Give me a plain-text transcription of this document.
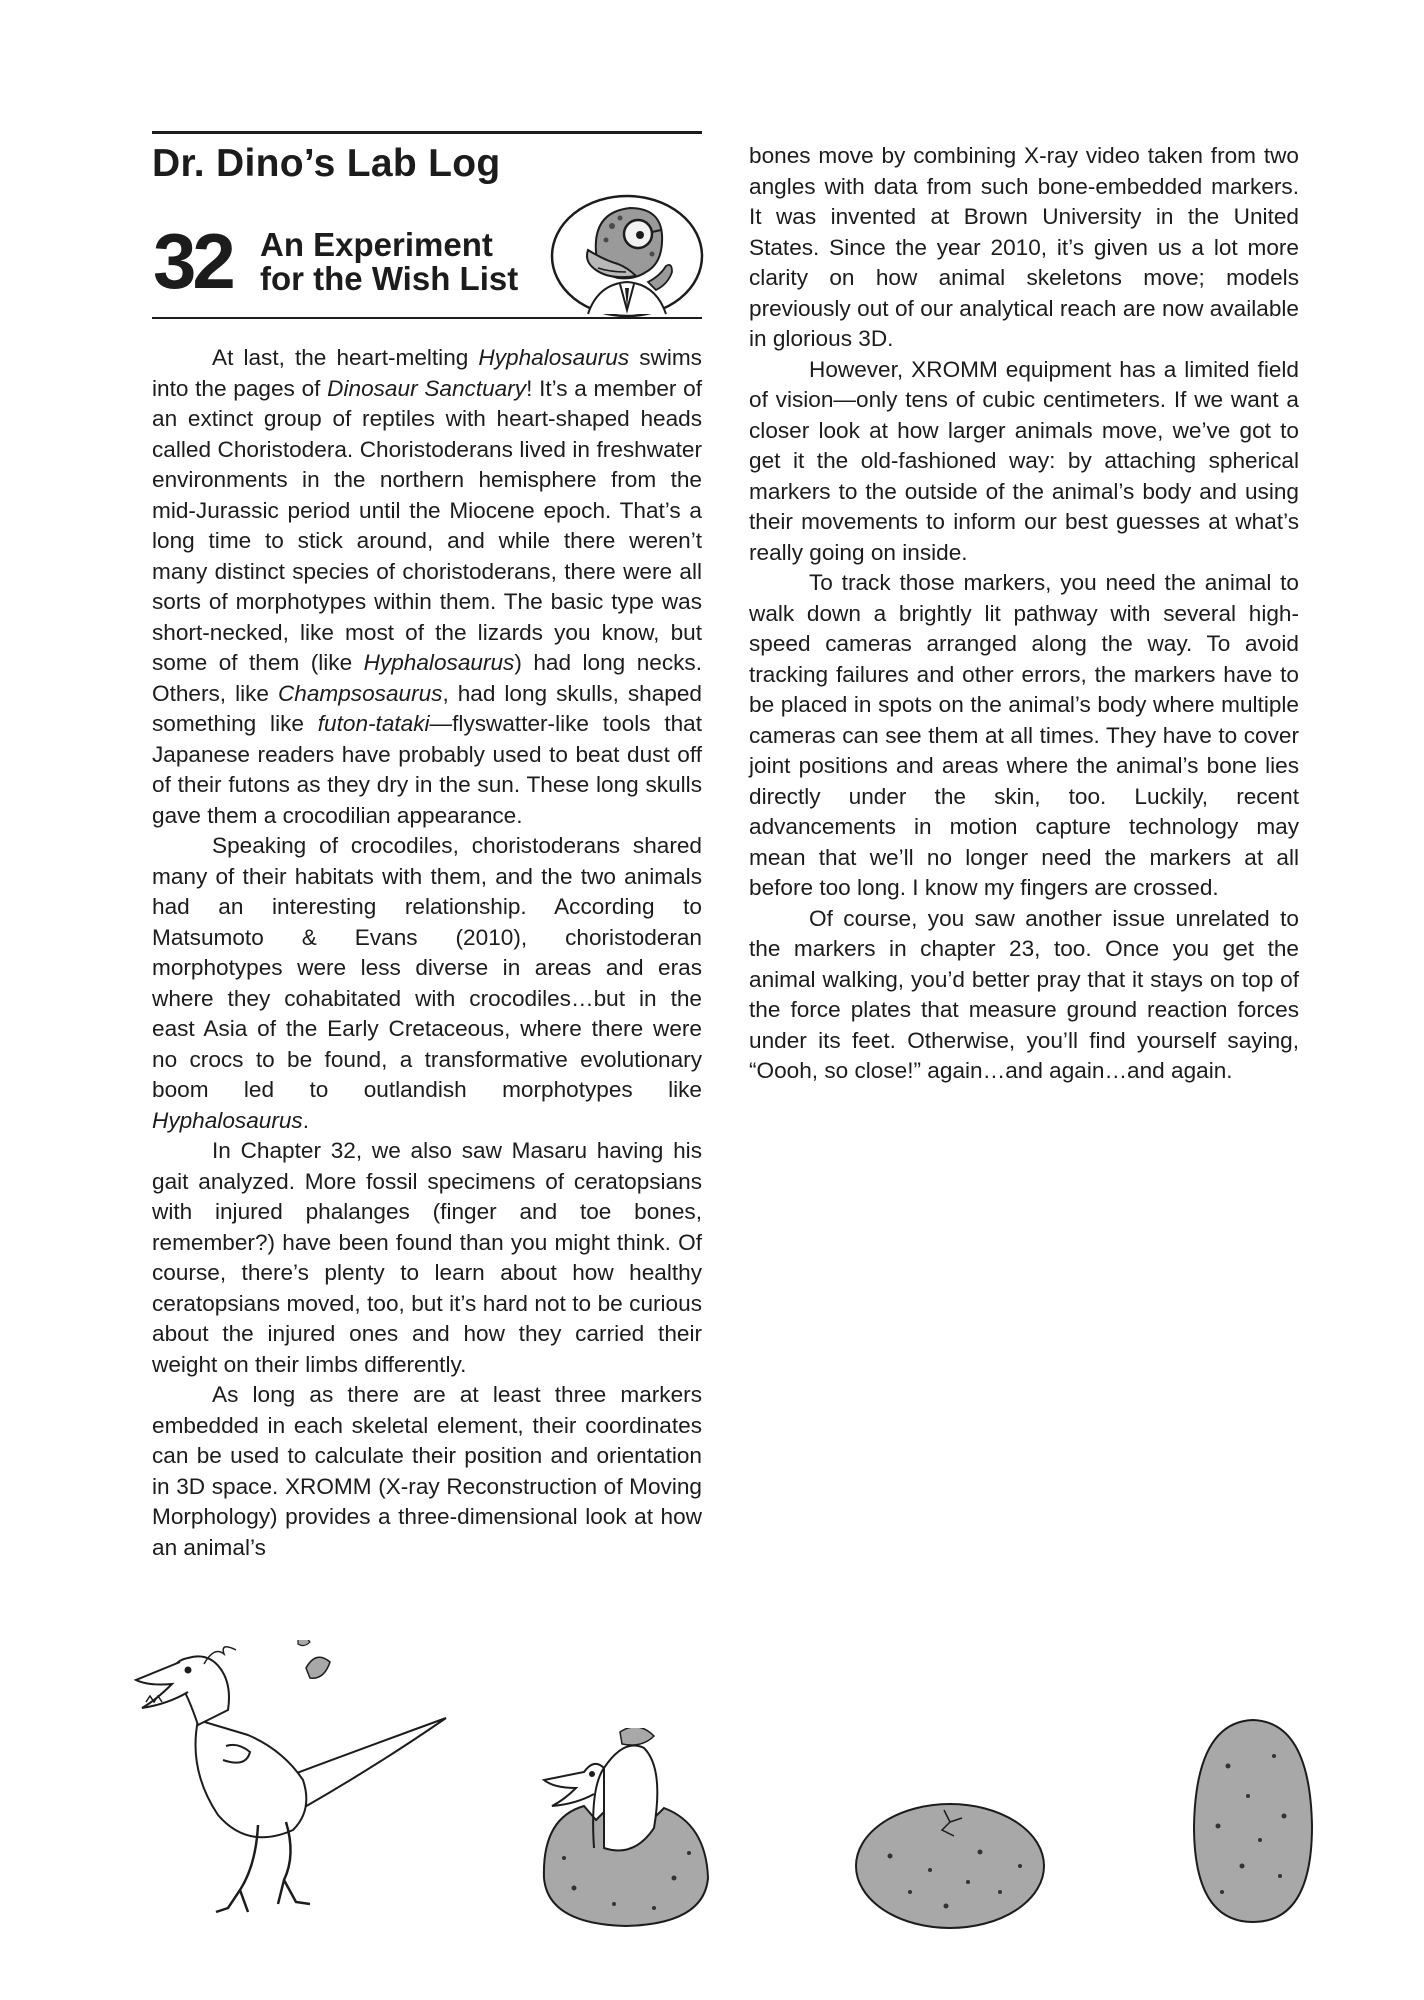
Dr. Dino’s Lab Log
32 An Experiment
for the Wish List

At last, the heart-melting Hyphalosaurus swims into the pages of Dinosaur Sanctuary! It’s a member of an extinct group of reptiles with heart-shaped heads called Choristodera. Choristoderans lived in freshwater environments in the northern hemisphere from the mid-Jurassic period until the Miocene epoch. That’s a long time to stick around, and while there weren’t many distinct species of choristoderans, there were all sorts of morphotypes within them. The basic type was short-necked, like most of the lizards you know, but some of them (like Hyphalosaurus) had long necks. Others, like Champsosaurus, had long skulls, shaped something like futon-tataki—flyswatter-like tools that Japanese readers have probably used to beat dust off of their futons as they dry in the sun. These long skulls gave them a crocodilian appearance.

Speaking of crocodiles, choristoderans shared many of their habitats with them, and the two animals had an interesting relationship. According to Matsumoto & Evans (2010), choristoderan morphotypes were less diverse in areas and eras where they cohabitated with crocodiles…but in the east Asia of the Early Cretaceous, where there were no crocs to be found, a transformative evolutionary boom led to outlandish morphotypes like Hyphalosaurus.

In Chapter 32, we also saw Masaru having his gait analyzed. More fossil specimens of ceratopsians with injured phalanges (finger and toe bones, remember?) have been found than you might think. Of course, there’s plenty to learn about how healthy ceratopsians moved, too, but it’s hard not to be curious about the injured ones and how they carried their weight on their limbs differently.

As long as there are at least three markers embedded in each skeletal element, their coordinates can be used to calculate their position and orientation in 3D space. XROMM (X-ray Reconstruction of Moving Morphology) provides a three-dimensional look at how an animal’s

bones move by combining X-ray video taken from two angles with data from such bone-embedded markers. It was invented at Brown University in the United States. Since the year 2010, it’s given us a lot more clarity on how animal skeletons move; models previously out of our analytical reach are now available in glorious 3D.

However, XROMM equipment has a limited field of vision—only tens of cubic centimeters. If we want a closer look at how larger animals move, we’ve got to get it the old-fashioned way: by attaching spherical markers to the outside of the animal’s body and using their movements to inform our best guesses at what’s really going on inside.

To track those markers, you need the animal to walk down a brightly lit pathway with several high-speed cameras arranged along the way. To avoid tracking failures and other errors, the markers have to be placed in spots on the animal’s body where multiple cameras can see them at all times. They have to cover joint positions and areas where the animal’s bone lies directly under the skin, too. Luckily, recent advancements in motion capture technology may mean that we’ll no longer need the markers at all before too long. I know my fingers are crossed.

Of course, you saw another issue unrelated to the markers in chapter 23, too. Once you get the animal walking, you’d better pray that it stays on top of the force plates that measure ground reaction forces under its feet. Otherwise, you’ll find yourself saying, “Oooh, so close!” again…and again…and again.
